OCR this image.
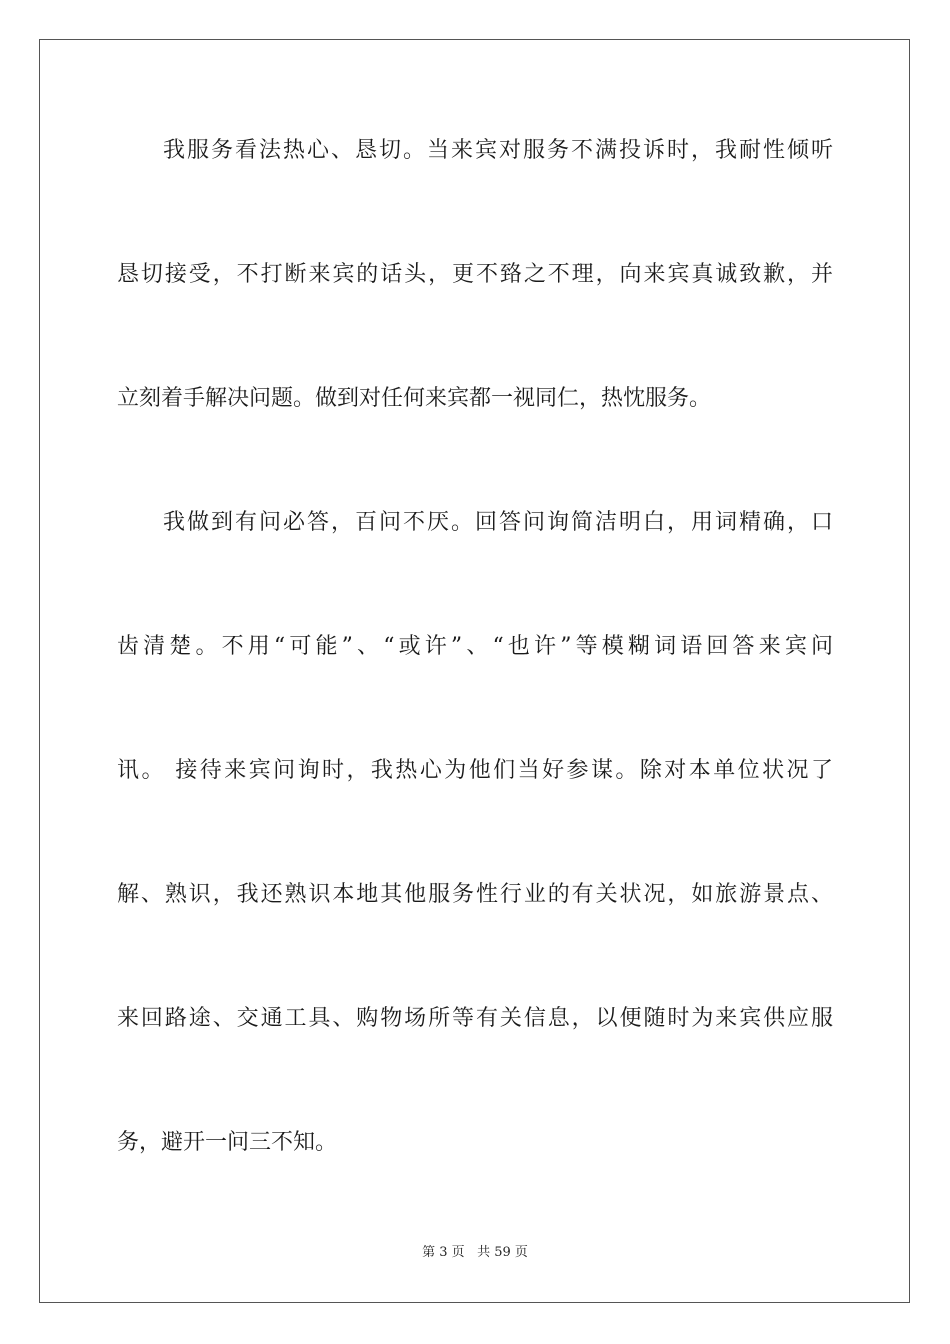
我服务看法热心、恳切。当来宾对服务不满投诉时，我耐性倾听
恳切接受，不打断来宾的话头，更不臵之不理，向来宾真诚致歉，并
立刻着手解决问题。做到对任何来宾都一视同仁，热忱服务。
我做到有问必答，百问不厌。回答问询简洁明白，用词精确，口
齿清楚。不用“可能”、“或许”、“也许”等模糊词语回答来宾问
讯。 接待来宾问询时，我热心为他们当好参谋。除对本单位状况了
解、熟识，我还熟识本地其他服务性行业的有关状况，如旅游景点、
来回路途、交通工具、购物场所等有关信息，以便随时为来宾供应服
务，避开一问三不知。
第 3 页 共 59 页
